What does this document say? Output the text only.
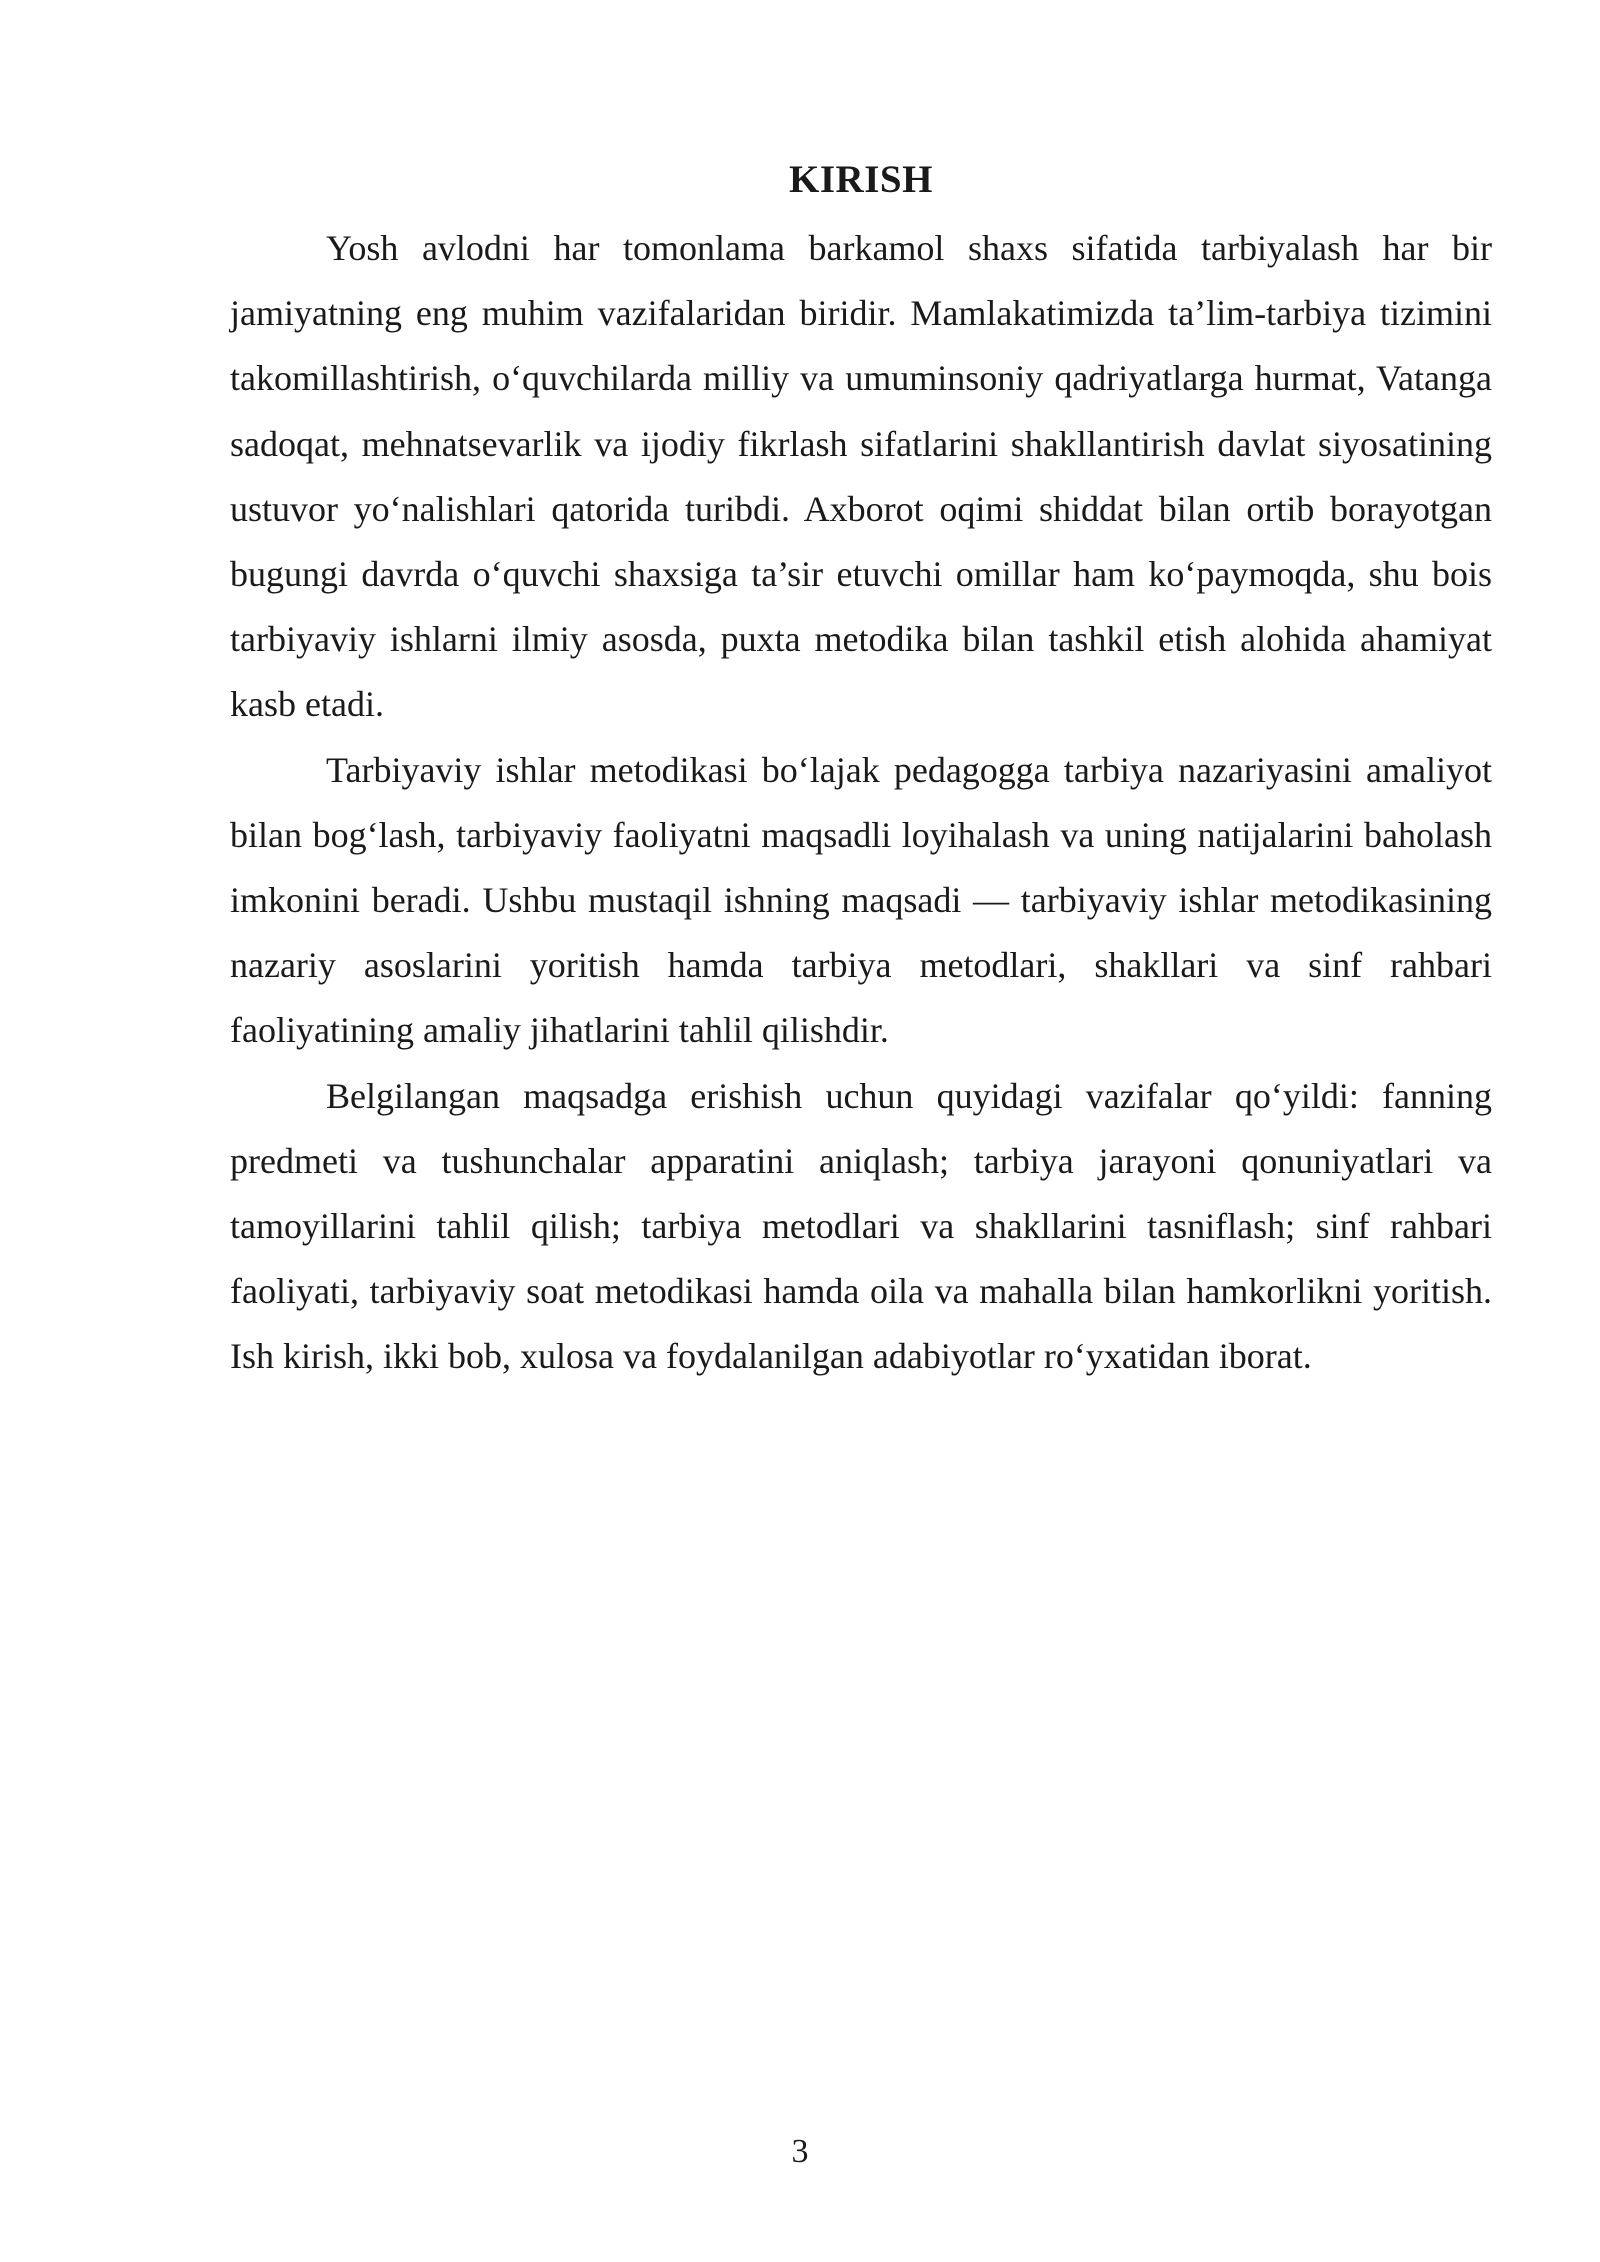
KIRISH

Yosh avlodni har tomonlama barkamol shaxs sifatida tarbiyalash har bir jamiyatning eng muhim vazifalaridan biridir. Mamlakatimizda ta’lim-tarbiya tizimini takomillashtirish, o‘quvchilarda milliy va umuminsoniy qadriyatlarga hurmat, Vatanga sadoqat, mehnatsevarlik va ijodiy fikrlash sifatlarini shakllantirish davlat siyosatining ustuvor yo‘nalishlari qatorida turibdi. Axborot oqimi shiddat bilan ortib borayotgan bugungi davrda o‘quvchi shaxsiga ta’sir etuvchi omillar ham ko‘paymoqda, shu bois tarbiyaviy ishlarni ilmiy asosda, puxta metodika bilan tashkil etish alohida ahamiyat kasb etadi.

Tarbiyaviy ishlar metodikasi bo‘lajak pedagogga tarbiya nazariyasini amaliyot bilan bog‘lash, tarbiyaviy faoliyatni maqsadli loyihalash va uning natijalarini baholash imkonini beradi. Ushbu mustaqil ishning maqsadi — tarbiyaviy ishlar metodikasining nazariy asoslarini yoritish hamda tarbiya metodlari, shakllari va sinf rahbari faoliyatining amaliy jihatlarini tahlil qilishdir.

Belgilangan maqsadga erishish uchun quyidagi vazifalar qo‘yildi: fanning predmeti va tushunchalar apparatini aniqlash; tarbiya jarayoni qonuniyatlari va tamoyillarini tahlil qilish; tarbiya metodlari va shakllarini tasniflash; sinf rahbari faoliyati, tarbiyaviy soat metodikasi hamda oila va mahalla bilan hamkorlikni yoritish. Ish kirish, ikki bob, xulosa va foydalanilgan adabiyotlar ro‘yxatidan iborat.

3
